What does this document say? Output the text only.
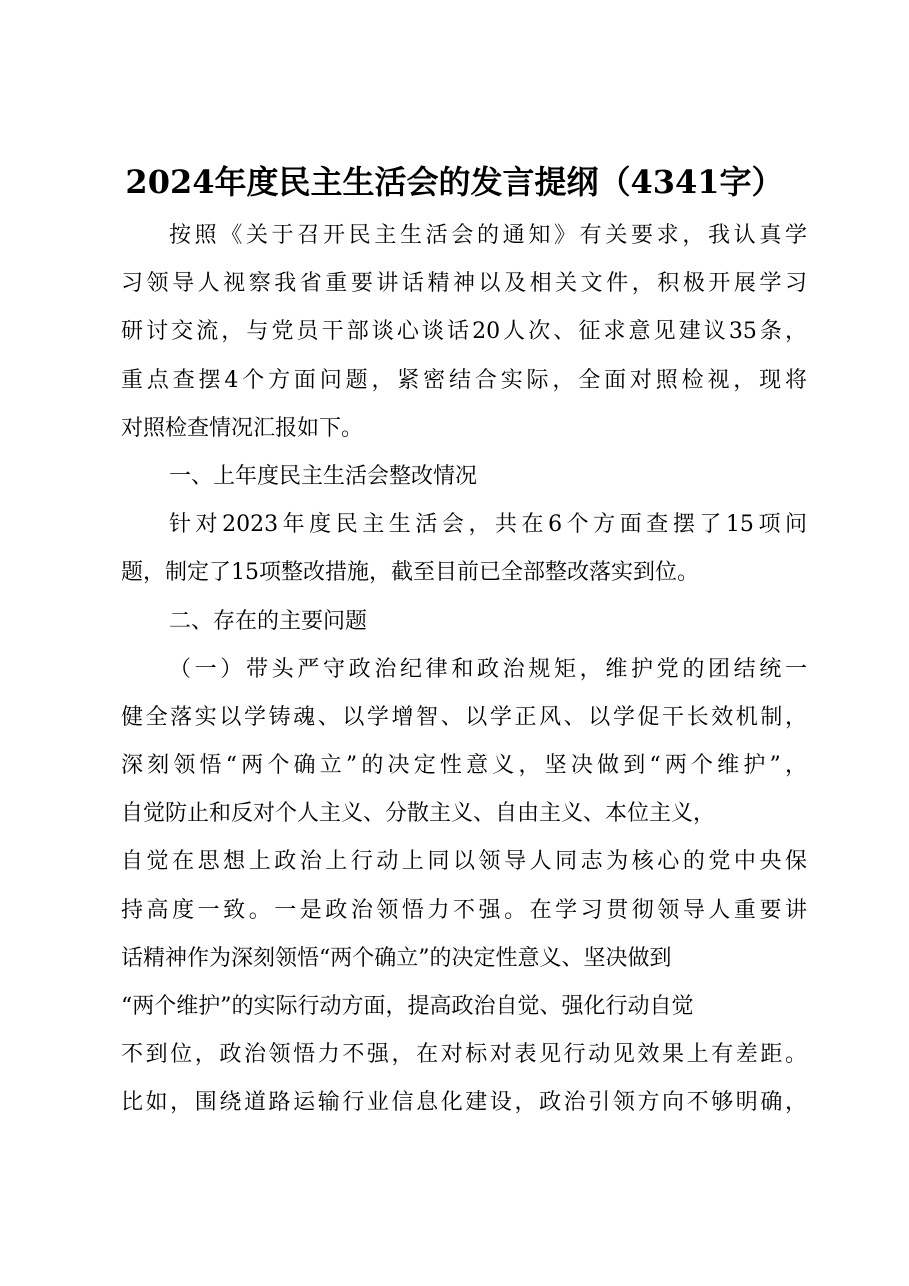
2024年度民主生活会的发言提纲（4341字）
按照《关于召开民主生活会的通知》有关要求，我认真学
习领导人视察我省重要讲话精神以及相关文件，积极开展学习
研讨交流，与党员干部谈心谈话20人次、征求意见建议35条，
重点查摆4个方面问题，紧密结合实际，全面对照检视，现将
对照检查情况汇报如下。
一、上年度民主生活会整改情况
针对2023年度民主生活会，共在6个方面查摆了15项问
题，制定了15项整改措施，截至目前已全部整改落实到位。
二、存在的主要问题
（一）带头严守政治纪律和政治规矩，维护党的团结统一
健全落实以学铸魂、以学增智、以学正风、以学促干长效机制，
深刻领悟“两个确立”的决定性意义，坚决做到“两个维护”，
自觉防止和反对个人主义、分散主义、自由主义、本位主义，
自觉在思想上政治上行动上同以领导人同志为核心的党中央保
持高度一致。一是政治领悟力不强。在学习贯彻领导人重要讲
话精神作为深刻领悟“两个确立”的决定性意义、坚决做到
“两个维护”的实际行动方面，提高政治自觉、强化行动自觉
不到位，政治领悟力不强，在对标对表见行动见效果上有差距。
比如，围绕道路运输行业信息化建设，政治引领方向不够明确，
